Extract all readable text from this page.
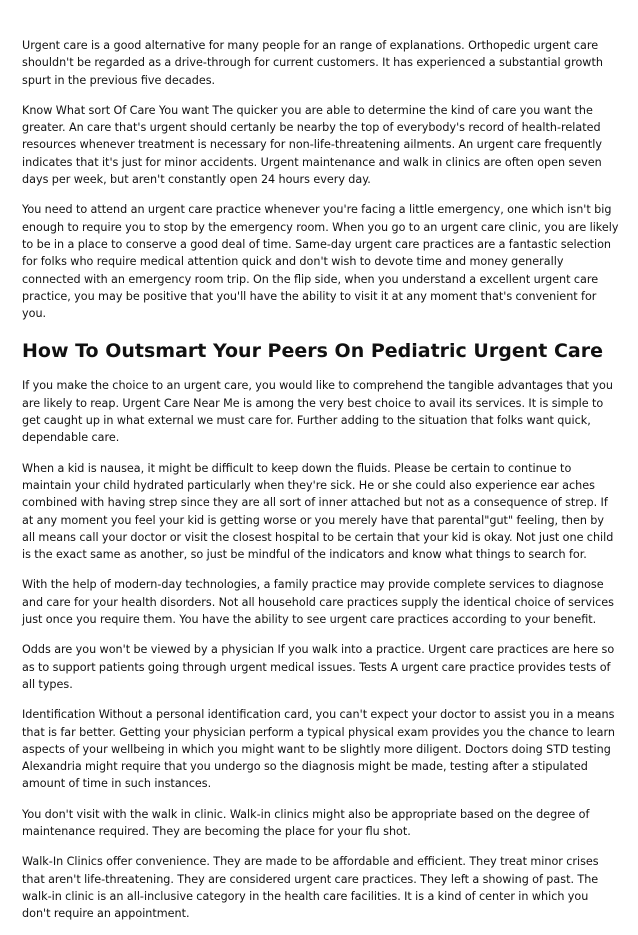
Urgent care is a good alternative for many people for an range of explanations. Orthopedic urgent care shouldn't be regarded as a drive-through for current customers. It has experienced a substantial growth spurt in the previous five decades.

Know What sort Of Care You want The quicker you are able to determine the kind of care you want the greater. An care that's urgent should certanly be nearby the top of everybody's record of health-related resources whenever treatment is necessary for non-life-threatening ailments. An urgent care frequently indicates that it's just for minor accidents. Urgent maintenance and walk in clinics are often open seven days per week, but aren't constantly open 24 hours every day.

You need to attend an urgent care practice whenever you're facing a little emergency, one which isn't big enough to require you to stop by the emergency room. When you go to an urgent care clinic, you are likely to be in a place to conserve a good deal of time. Same-day urgent care practices are a fantastic selection for folks who require medical attention quick and don't wish to devote time and money generally connected with an emergency room trip. On the flip side, when you understand a excellent urgent care practice, you may be positive that you'll have the ability to visit it at any moment that's convenient for you.

How To Outsmart Your Peers On Pediatric Urgent Care

If you make the choice to an urgent care, you would like to comprehend the tangible advantages that you are likely to reap. Urgent Care Near Me is among the very best choice to avail its services. It is simple to get caught up in what external we must care for. Further adding to the situation that folks want quick, dependable care.

When a kid is nausea, it might be difficult to keep down the fluids. Please be certain to continue to maintain your child hydrated particularly when they're sick. He or she could also experience ear aches combined with having strep since they are all sort of inner attached but not as a consequence of strep. If at any moment you feel your kid is getting worse or you merely have that parental"gut" feeling, then by all means call your doctor or visit the closest hospital to be certain that your kid is okay. Not just one child is the exact same as another, so just be mindful of the indicators and know what things to search for.

With the help of modern-day technologies, a family practice may provide complete services to diagnose and care for your health disorders. Not all household care practices supply the identical choice of services just once you require them. You have the ability to see urgent care practices according to your benefit.

Odds are you won't be viewed by a physician If you walk into a practice. Urgent care practices are here so as to support patients going through urgent medical issues. Tests A urgent care practice provides tests of all types.

Identification Without a personal identification card, you can't expect your doctor to assist you in a means that is far better. Getting your physician perform a typical physical exam provides you the chance to learn aspects of your wellbeing in which you might want to be slightly more diligent. Doctors doing STD testing Alexandria might require that you undergo so the diagnosis might be made, testing after a stipulated amount of time in such instances.

You don't visit with the walk in clinic. Walk-in clinics might also be appropriate based on the degree of maintenance required. They are becoming the place for your flu shot.

Walk-In Clinics offer convenience. They are made to be affordable and efficient. They treat minor crises that aren't life-threatening. They are considered urgent care practices. They left a showing of past. The walk-in clinic is an all-inclusive category in the health care facilities. It is a kind of center in which you don't require an appointment.
